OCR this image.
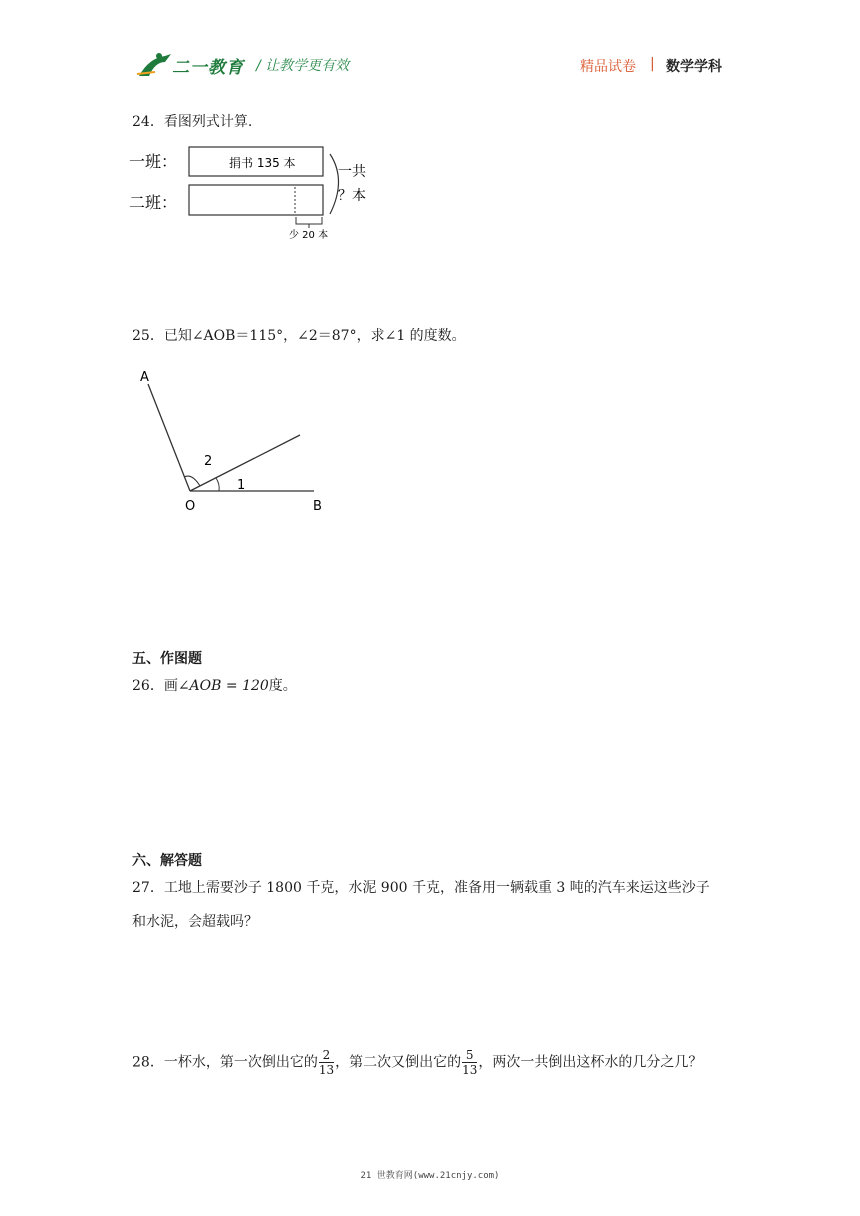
二一教育 / 让教学更有效	精品试卷 | 数学学科
24．看图列式计算.
一班：
二班：
捐书 135 本
一共
？本
少 20 本
25．已知∠AOB＝115°，∠2＝87°，求∠1 的度数。
A
O	B
2
1
五、作图题
26．画∠AOB = 120度。
六、解答题
27．工地上需要沙子 1800 千克，水泥 900 千克，准备用一辆载重 3 吨的汽车来运这些沙子
和水泥，会超载吗？
28．一杯水，第一次倒出它的 $\frac{2}{13}$ ，第二次又倒出它的 $\frac{5}{13}$ ，两次一共倒出这杯水的几分之几？
21 世教育网(www.21cnjy.com)
